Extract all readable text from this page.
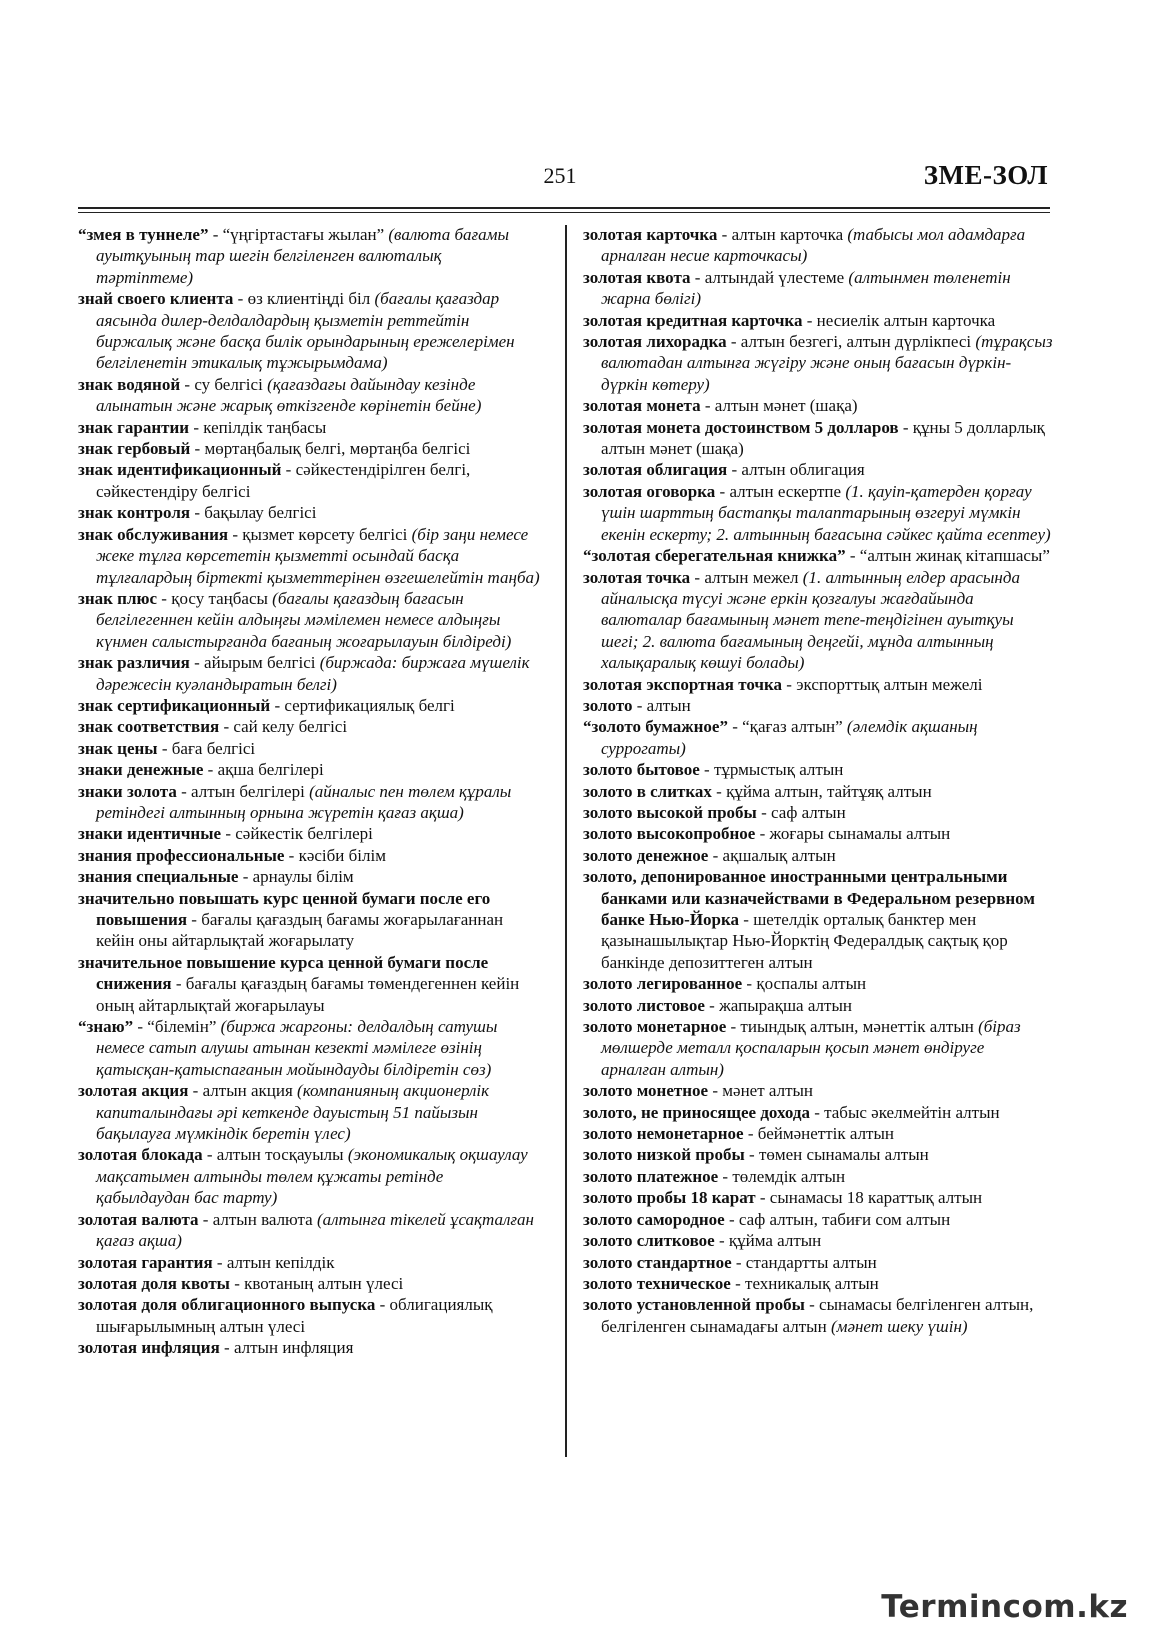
251	ЗМЕ-ЗОЛ
“змея в туннеле” - “үңгіртастағы жылан” (валюта бағамы ауытқуының тар шегін белгіленген валюталық тәртіптеме)
знай своего клиента - өз клиентіңді біл (бағалы қағаздар аясында дилер-делдалдардың қызметін реттейтін биржалық және басқа билік орындарының ережелерімен белгіленетін этикалық тұжырымдама)
знак водяной - су белгісі (қағаздағы дайындау кезінде алынатын және жарық өткізгенде көрінетін бейне)
знак гарантии - кепілдік таңбасы
знак гербовый - мөртаңбалық белгі, мөртаңба белгісі
знак идентификационный - сәйкестендірілген белгі, сәйкестендіру белгісі
знак контроля - бақылау белгісі
знак обслуживания - қызмет көрсету белгісі (бір заңи немесе жеке тұлға көрсететін қызметті осындай басқа тұлғалардың біртекті қызметтерінен өзгешелейтін таңба)
знак плюс - қосу таңбасы (бағалы қағаздың бағасын белгілегеннен кейін алдыңғы мәмілемен немесе алдыңғы күнмен салыстырғанда бағаның жоғарылауын білдіреді)
знак различия - айырым белгісі (биржада: биржаға мүшелік дәрежесін куәландыратын белгі)
знак сертификационный - сертификациялық белгі
знак соответствия - сай келу белгісі
знак цены - баға белгісі
знаки денежные - ақша белгілері
знаки золота - алтын белгілері (айналыс пен төлем құралы ретіндегі алтынның орнына жүретін қағаз ақша)
знаки идентичные - сәйкестік белгілері
знания профессиональные - кәсіби білім
знания специальные - арнаулы білім
значительно повышать курс ценной бумаги после его повышения - бағалы қағаздың бағамы жоғарылағаннан кейін оны айтарлықтай жоғарылату
значительное повышение курса ценной бумаги после снижения - бағалы қағаздың бағамы төмендегеннен кейін оның айтарлықтай жоғарылауы
“знаю” - “білемін” (биржа жаргоны: делдалдың сатушы немесе сатып алушы атынан кезекті мәмілеге өзінің қатысқан-қатыспағанын мойындауды білдіретін сөз)
золотая акция - алтын акция (компанияның акционерлік капиталындағы әрі кеткенде дауыстың 51 пайызын бақылауға мүмкіндік беретін үлес)
золотая блокада - алтын тосқауылы (экономикалық оқшаулау мақсатымен алтынды төлем құжаты ретінде қабылдаудан бас тарту)
золотая валюта - алтын валюта (алтынға тікелей ұсақталған қағаз ақша)
золотая гарантия - алтын кепілдік
золотая доля квоты - квотаның алтын үлесі
золотая доля облигационного выпуска - облигациялық шығарылымның алтын үлесі
золотая инфляция - алтын инфляция
золотая карточка - алтын карточка (табысы мол адамдарға арналған несие карточкасы)
золотая квота - алтындай үлестеме (алтынмен төленетін жарна бөлігі)
золотая кредитная карточка - несиелік алтын карточка
золотая лихорадка - алтын безгегі, алтын дүрлікпесі (тұрақсыз валютадан алтынға жүгіру және оның бағасын дүркін-дүркін көтеру)
золотая монета - алтын мәнет (шақа)
золотая монета достоинством 5 долларов - құны 5 долларлық алтын мәнет (шақа)
золотая облигация - алтын облигация
золотая оговорка - алтын ескертпе (1. қауіп-қатерден қорғау үшін шарттың бастапқы талаптарының өзгеруі мүмкін екенін ескерту; 2. алтынның бағасына сәйкес қайта есептеу)
“золотая сберегательная книжка” - “алтын жинақ кітапшасы”
золотая точка - алтын межел (1. алтынның елдер арасында айналысқа түсуі және еркін қозғалуы жағдайында валюталар бағамының мәнет тепе-теңдігінен ауытқуы шегі; 2. валюта бағамының деңгейі, мұнда алтынның халықаралық көшуі болады)
золотая экспортная точка - экспорттық алтын межелі
золото - алтын
“золото бумажное” - “қағаз алтын” (әлемдік ақшаның суррогаты)
золото бытовое - тұрмыстық алтын
золото в слитках - құйма алтын, тайтұяқ алтын
золото высокой пробы - саф алтын
золото высокопробное - жоғары сынамалы алтын
золото денежное - ақшалық алтын
золото, депонированное иностранными центральными банками или казначействами в Федеральном резервном банке Нью-Йорка - шетелдік орталық банктер мен қазынашылықтар Нью-Йорктің Федералдық сақтық қор банкінде депозиттеген алтын
золото легированное - қоспалы алтын
золото листовое - жапырақша алтын
золото монетарное - тиындық алтын, мәнеттік алтын (біраз мөлшерде металл қоспаларын қосып мәнет өндіруге арналған алтын)
золото монетное - мәнет алтын
золото, не приносящее дохода - табыс әкелмейтін алтын
золото немонетарное - беймәнеттік алтын
золото низкой пробы - төмен сынамалы алтын
золото платежное - төлемдік алтын
золото пробы 18 карат - сынамасы 18 караттық алтын
золото самородное - саф алтын, табиғи сом алтын
золото слитковое - құйма алтын
золото стандартное - стандартты алтын
золото техническое - техникалық алтын
золото установленной пробы - сынамасы белгіленген алтын, белгіленген сынамадағы алтын (мәнет шеку үшін)
Termincom.kz
